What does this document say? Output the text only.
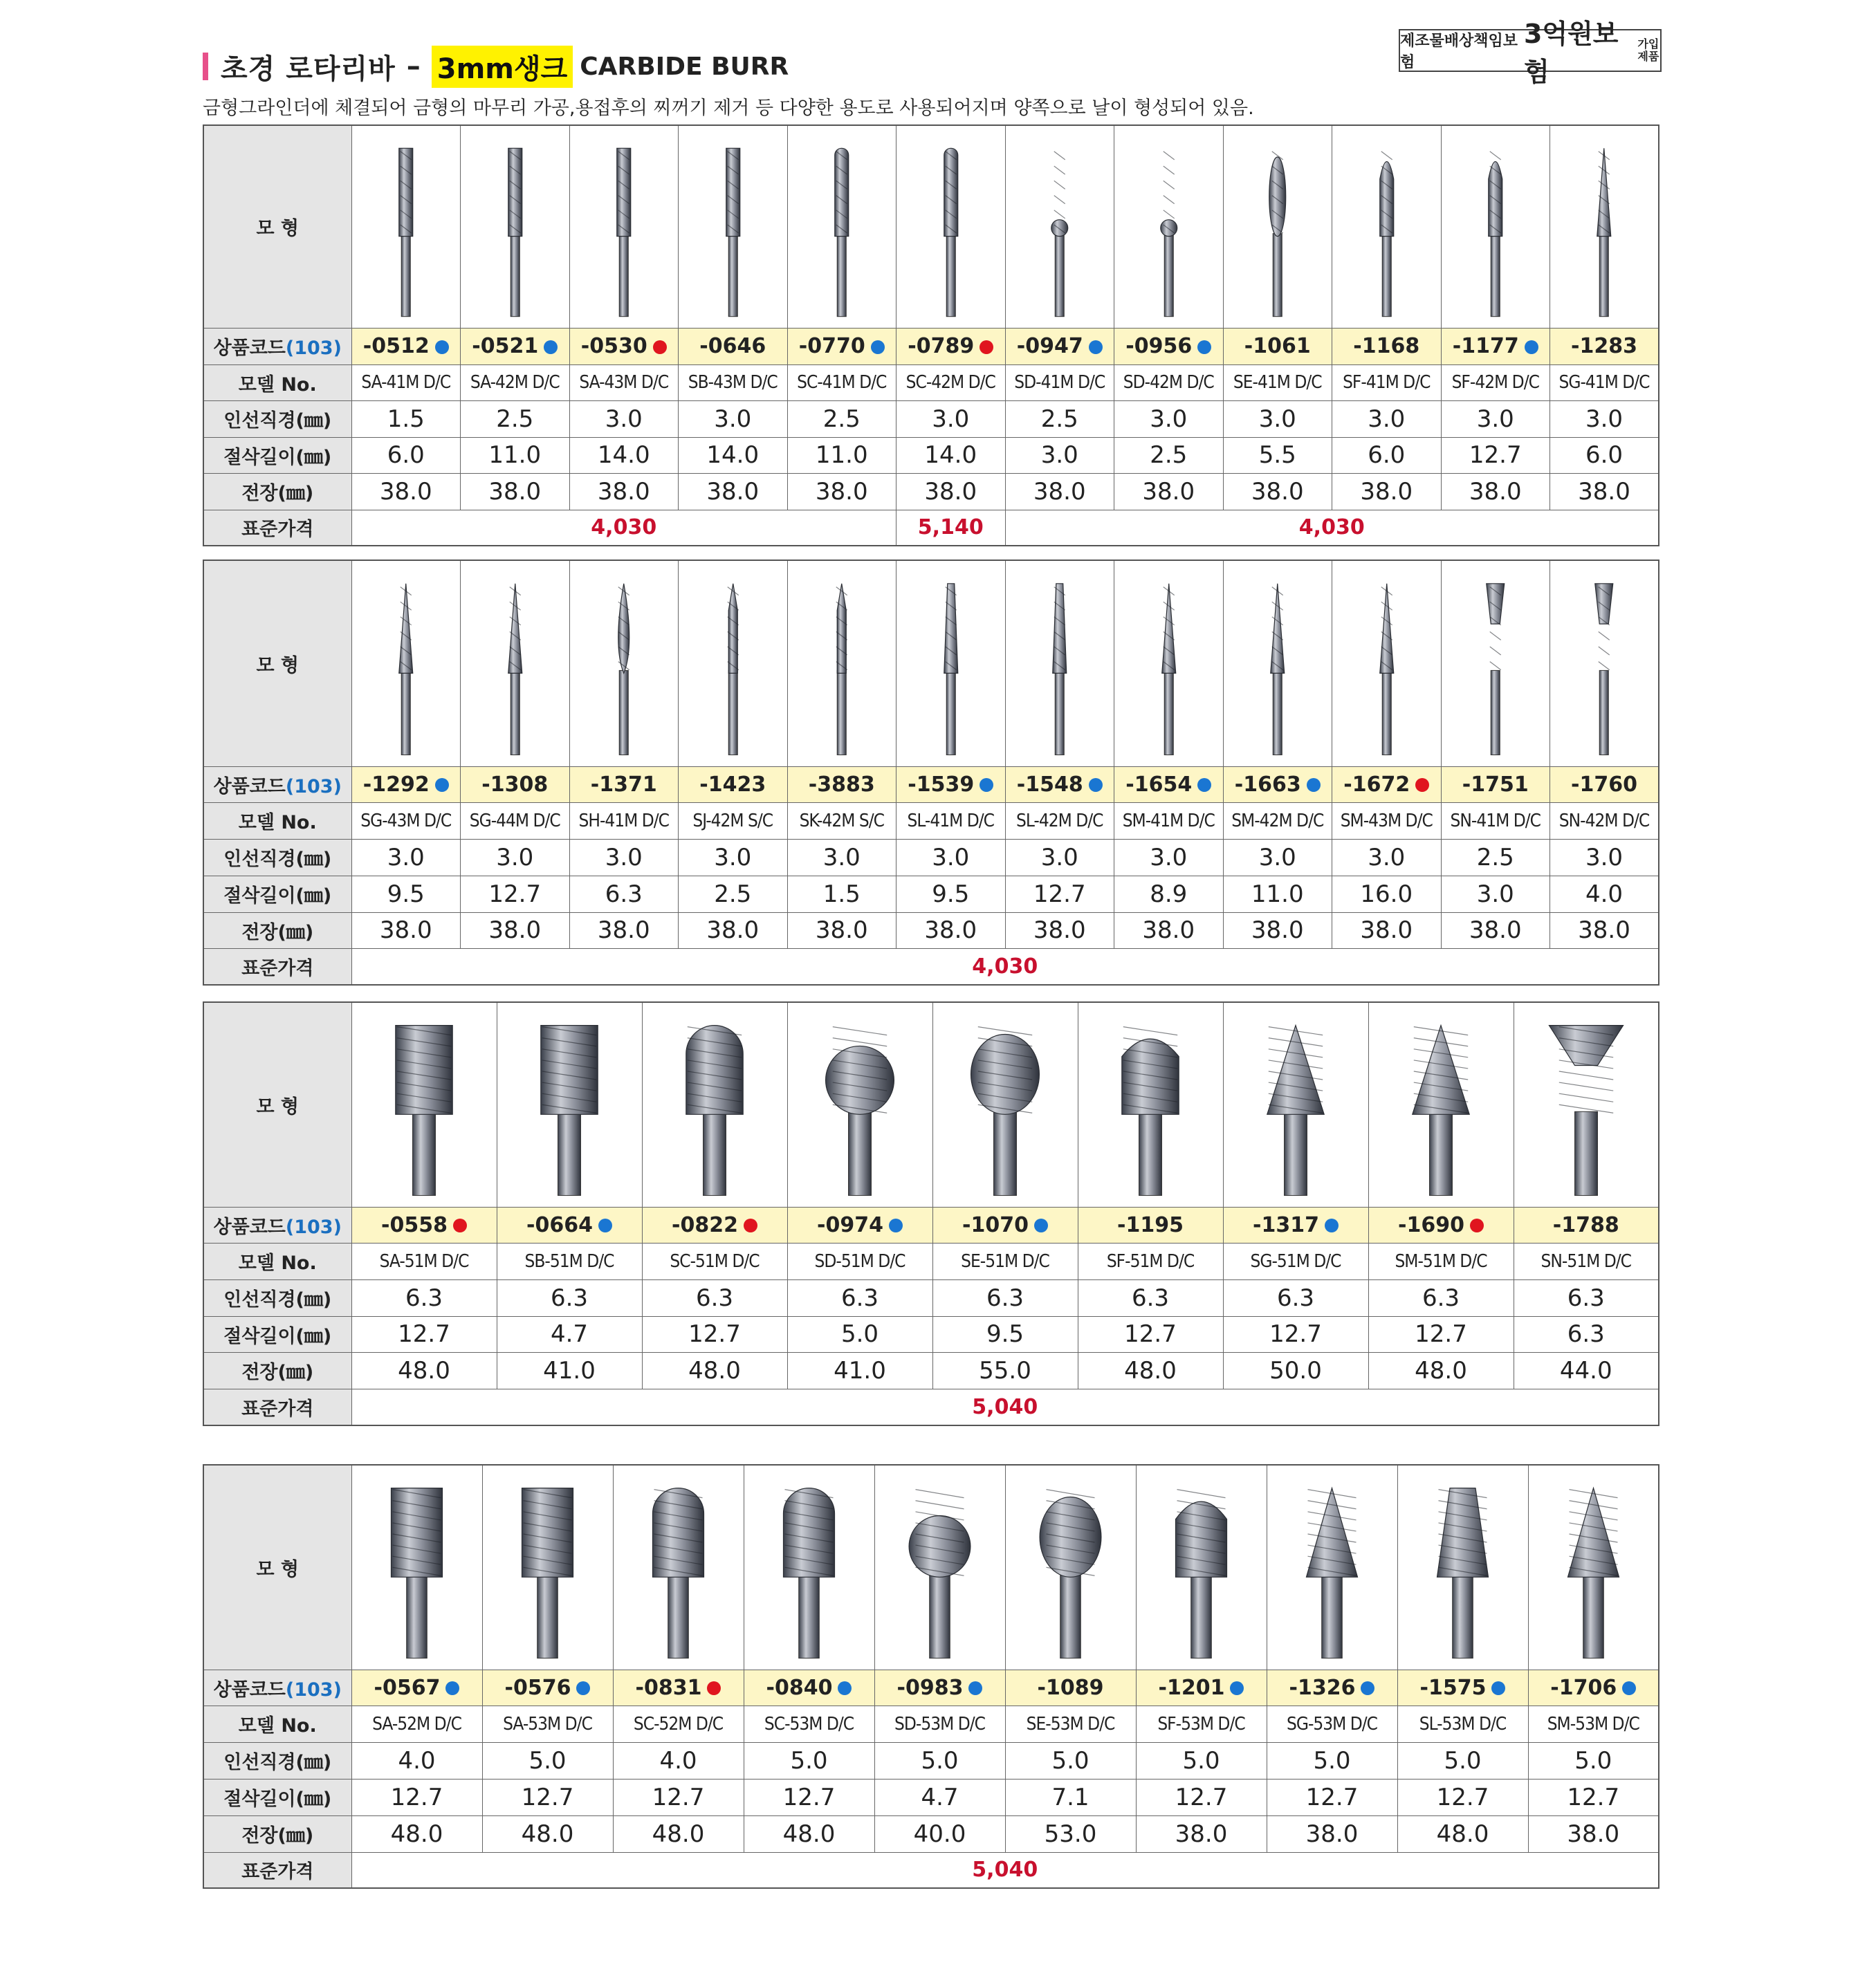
초경 로타리바 – 3mm생크 CARBIDE BURR
금형그라인더에 체결되어 금형의 마무리 가공,용접후의 찌꺼기 제거 등 다양한 용도로 사용되어지며 양쪽으로 날이 형성되어 있음.
제조물배상책임보험
3억원보험
가입
제품
모 형	

상품코드(103)	-0512	-0521	-0530	-0646	-0770	-0789	-0947	-0956	-1061	-1168	-1177	-1283
모델 No.	SA-41M D/C	SA-42M D/C	SA-43M D/C	SB-43M D/C	SC-41M D/C	SC-42M D/C	SD-41M D/C	SD-42M D/C	SE-41M D/C	SF-41M D/C	SF-42M D/C	SG-41M D/C
인선직경(㎜)	1.5	2.5	3.0	3.0	2.5	3.0	2.5	3.0	3.0	3.0	3.0	3.0
절삭길이(㎜)	6.0	11.0	14.0	14.0	11.0	14.0	3.0	2.5	5.5	6.0	12.7	6.0
전장(㎜)	38.0	38.0	38.0	38.0	38.0	38.0	38.0	38.0	38.0	38.0	38.0	38.0
표준가격	4,030					5,140	4,030					
모 형	

상품코드(103)	-1292	-1308	-1371	-1423	-3883	-1539	-1548	-1654	-1663	-1672	-1751	-1760
모델 No.	SG-43M D/C	SG-44M D/C	SH-41M D/C	SJ-42M S/C	SK-42M S/C	SL-41M D/C	SL-42M D/C	SM-41M D/C	SM-42M D/C	SM-43M D/C	SN-41M D/C	SN-42M D/C
인선직경(㎜)	3.0	3.0	3.0	3.0	3.0	3.0	3.0	3.0	3.0	3.0	2.5	3.0
절삭길이(㎜)	9.5	12.7	6.3	2.5	1.5	9.5	12.7	8.9	11.0	16.0	3.0	4.0
전장(㎜)	38.0	38.0	38.0	38.0	38.0	38.0	38.0	38.0	38.0	38.0	38.0	38.0
표준가격	4,030											
모 형	

상품코드(103)	-0558	-0664	-0822	-0974	-1070	-1195	-1317	-1690	-1788
모델 No.	SA-51M D/C	SB-51M D/C	SC-51M D/C	SD-51M D/C	SE-51M D/C	SF-51M D/C	SG-51M D/C	SM-51M D/C	SN-51M D/C
인선직경(㎜)	6.3	6.3	6.3	6.3	6.3	6.3	6.3	6.3	6.3
절삭길이(㎜)	12.7	4.7	12.7	5.0	9.5	12.7	12.7	12.7	6.3
전장(㎜)	48.0	41.0	48.0	41.0	55.0	48.0	50.0	48.0	44.0
표준가격	5,040								
모 형	

상품코드(103)	-0567	-0576	-0831	-0840	-0983	-1089	-1201	-1326	-1575	-1706
모델 No.	SA-52M D/C	SA-53M D/C	SC-52M D/C	SC-53M D/C	SD-53M D/C	SE-53M D/C	SF-53M D/C	SG-53M D/C	SL-53M D/C	SM-53M D/C
인선직경(㎜)	4.0	5.0	4.0	5.0	5.0	5.0	5.0	5.0	5.0	5.0
절삭길이(㎜)	12.7	12.7	12.7	12.7	4.7	7.1	12.7	12.7	12.7	12.7
전장(㎜)	48.0	48.0	48.0	48.0	40.0	53.0	38.0	38.0	48.0	38.0
표준가격	5,040									
